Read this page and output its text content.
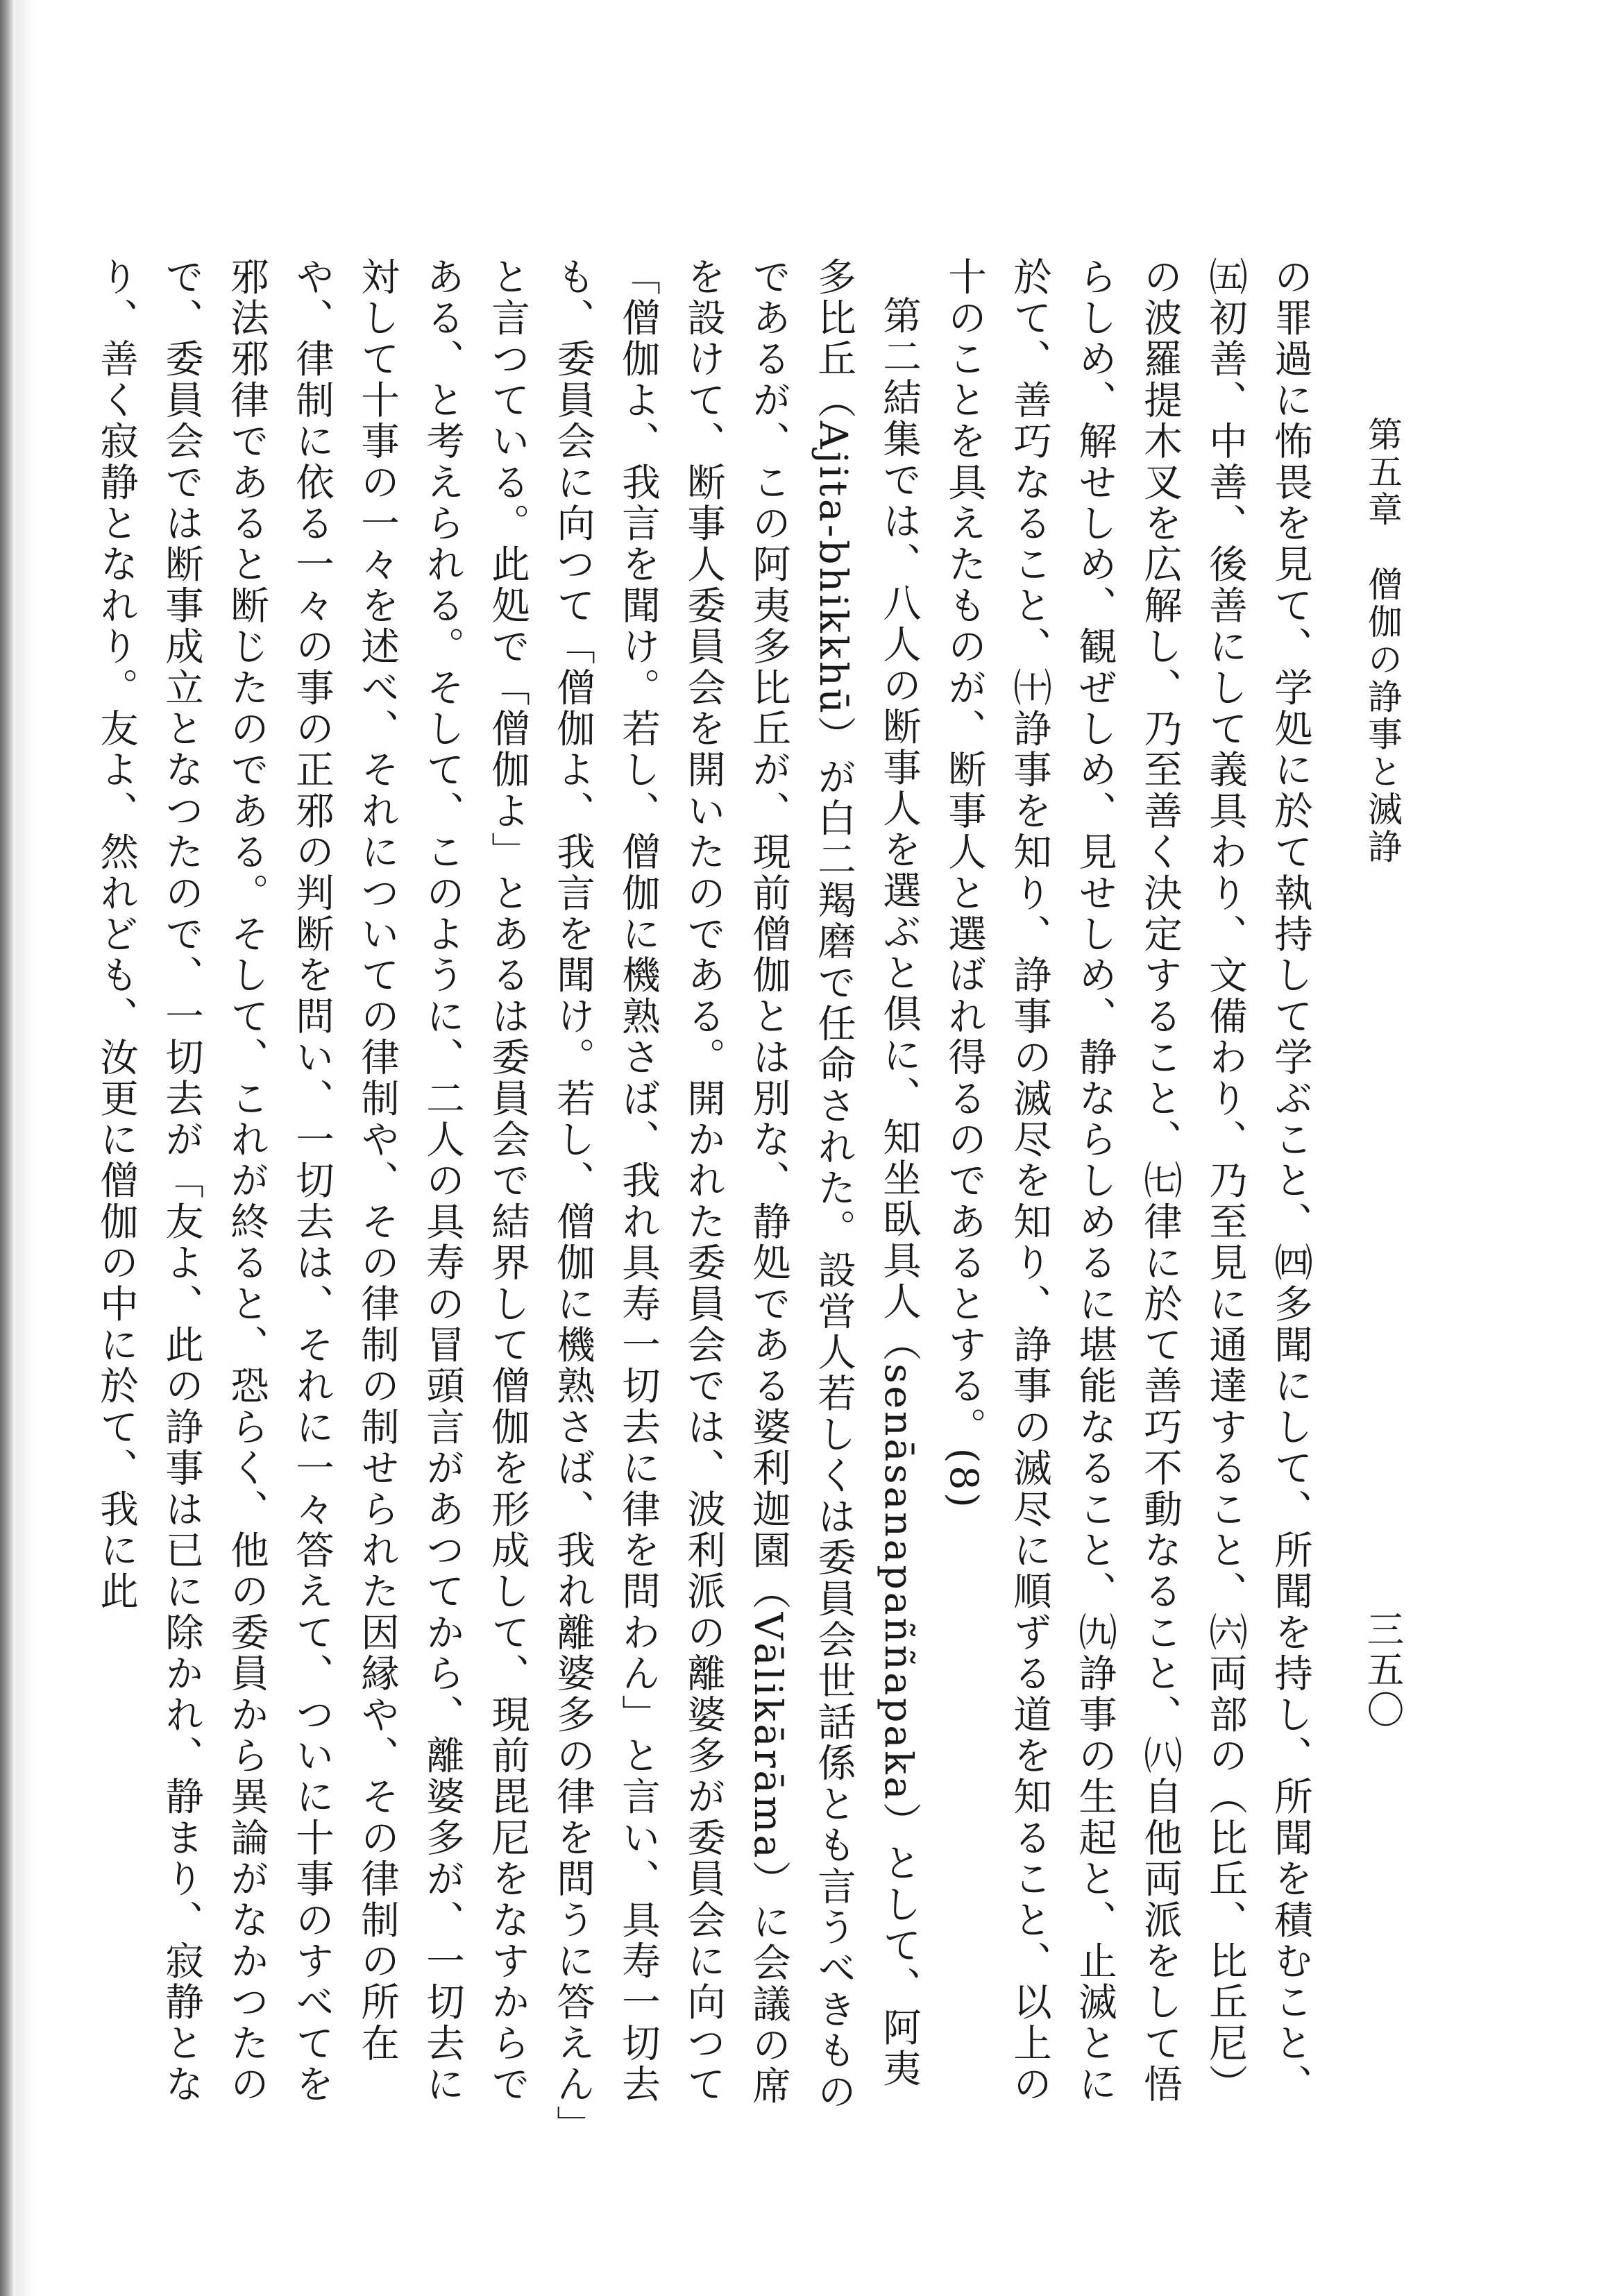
第五章　僧伽の諍事と滅諍
三五〇

の罪過に怖畏を見て、学処に於て執持して学ぶこと、㈣多聞にして、所聞を持し、所聞を積むこと、㈤初善、中善、後善にして義具わり、文備わり、乃至見に通達すること、㈥両部の（比丘、比丘尼）の波羅提木叉を広解し、乃至善く決定すること、㈦律に於て善巧不動なること、㈧自他両派をして悟らしめ、解せしめ、観ぜしめ、見せしめ、静ならしめるに堪能なること、㈨諍事の生起と、止滅とに於て、善巧なること、㈩諍事を知り、諍事の滅尽を知り、諍事の滅尽に順ずる道を知ること、以上の十のことを具えたものが、断事人と選ばれ得るのであるとする。(8)

第二結集では、八人の断事人を選ぶと倶に、知坐臥具人（senāsanapaññapaka）として、阿夷多比丘（Ajita-bhikkhū）が白二羯磨で任命された。設営人若しくは委員会世話係とも言うべきものであるが、この阿夷多比丘が、現前僧伽とは別な、静処である婆利迦園（Vālikārāma）に会議の席を設けて、断事人委員会を開いたのである。開かれた委員会では、波利派の離婆多が委員会に向つて「僧伽よ、我言を聞け。若し、僧伽に機熟さば、我れ具寿一切去に律を問わん」と言い、具寿一切去も、委員会に向つて「僧伽よ、我言を聞け。若し、僧伽に機熟さば、我れ離婆多の律を問うに答えん」と言つている。此処で「僧伽よ」とあるは委員会で結界して僧伽を形成して、現前毘尼をなすからである、と考えられる。そして、このように、二人の具寿の冒頭言があつてから、離婆多が、一切去に対して十事の一々を述べ、それについての律制や、その律制の制せられた因縁や、その律制の所在や、律制に依る一々の事の正邪の判断を問い、一切去は、それに一々答えて、ついに十事のすべてを邪法邪律であると断じたのである。そして、これが終ると、恐らく、他の委員から異論がなかつたので、委員会では断事成立となつたので、一切去が「友よ、此の諍事は已に除かれ、静まり、寂静となり、善く寂静となれり。友よ、然れども、汝更に僧伽の中に於て、我に此
